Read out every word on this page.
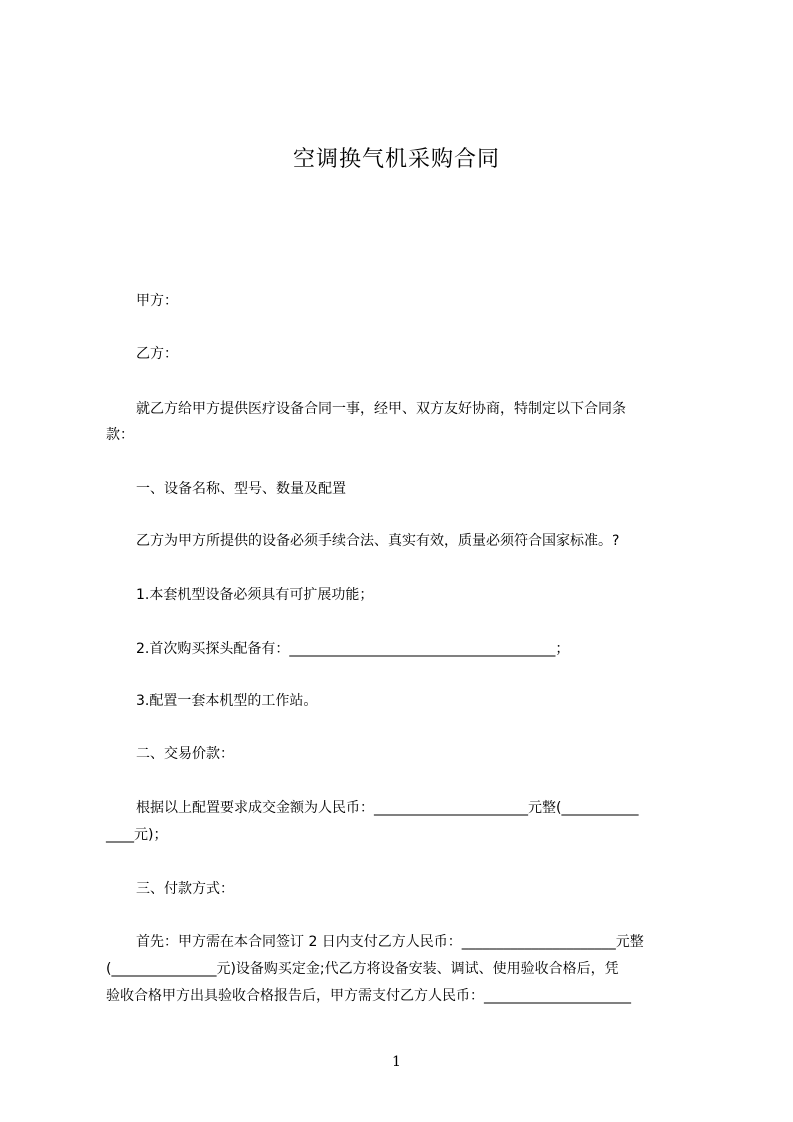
空调换气机采购合同
甲方：
乙方：
就乙方给甲方提供医疗设备合同一事，经甲、双方友好协商，特制定以下合同条
款：
一、设备名称、型号、数量及配置
乙方为甲方所提供的设备必须手续合法、真实有效，质量必须符合国家标准。?
1.本套机型设备必须具有可扩展功能；
2.首次购买探头配备有：______________________________________；
3.配置一套本机型的工作站。
二、交易价款：
根据以上配置要求成交金额为人民币：______________________元整(___________
____元)；
三、付款方式：
首先：甲方需在本合同签订 2 日内支付乙方人民币：______________________元整
(_______________元)设备购买定金;代乙方将设备安装、调试、使用验收合格后，凭
验收合格甲方出具验收合格报告后，甲方需支付乙方人民币：_____________________
1
